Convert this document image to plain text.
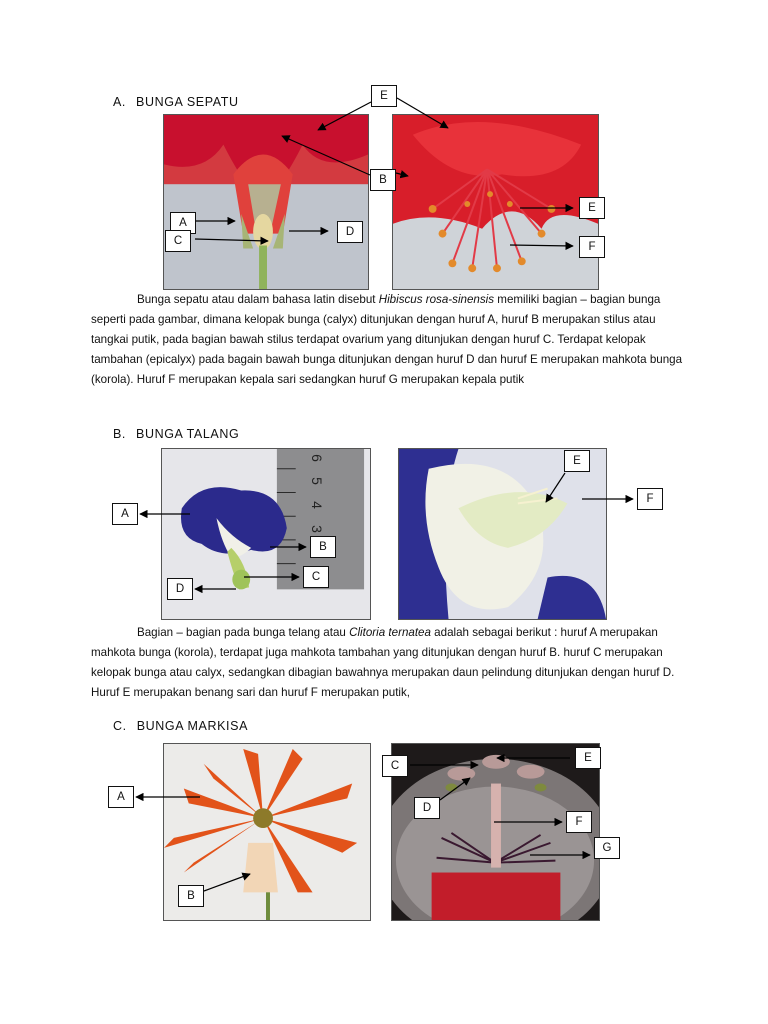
A. BUNGA SEPATU	E
B
A
C
D
E
F

Bunga sepatu atau dalam bahasa latin disebut Hibiscus rosa-sinensis memiliki bagian – bagian bunga seperti pada gambar, dimana kelopak bunga (calyx) ditunjukan dengan huruf A, huruf B merupakan stilus atau tangkai putik, pada bagian bawah stilus terdapat ovarium yang ditunjukan dengan huruf C. Terdapat kelopak tambahan (epicalyx) pada bagain bawah bunga ditunjukan dengan huruf D dan huruf E merupakan mahkota bunga (korola). Huruf F merupakan kepala sari sedangkan huruf G merupakan kepala putik

B. BUNGA TALANG
6
5
4
3
A
B
D
C
E
F

Bagian – bagian pada bunga telang atau Clitoria ternatea adalah sebagai berikut : huruf A merupakan mahkota bunga (korola), terdapat juga mahkota tambahan yang ditunjukan dengan huruf B. huruf C merupakan kelopak bunga atau calyx, sedangkan dibagian bawahnya merupakan daun pelindung ditunjukan dengan huruf D. Huruf E merupakan benang sari dan huruf F merupakan putik,

C. BUNGA MARKISA
A
B
C
E
D
F
G
